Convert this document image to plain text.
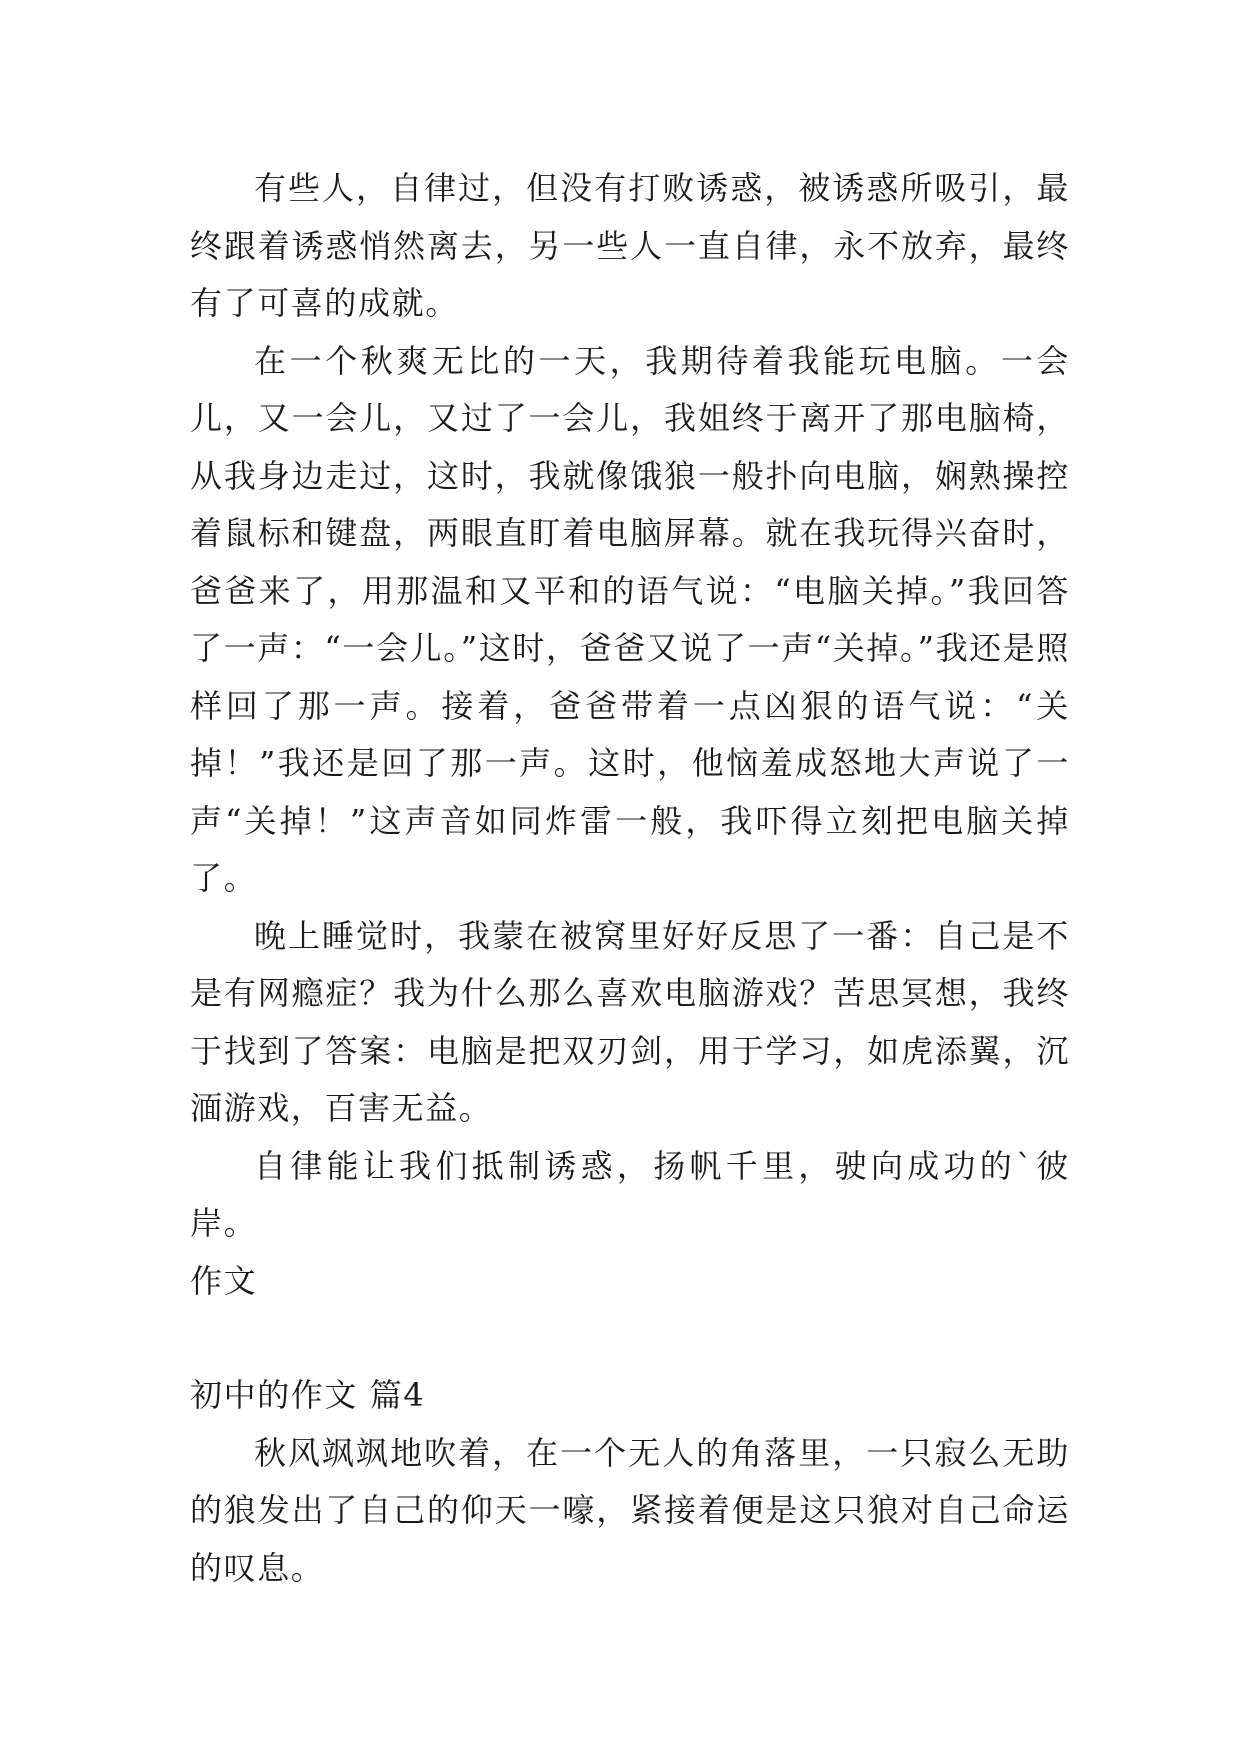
有些人，自律过，但没有打败诱惑，被诱惑所吸引，最终跟着诱惑悄然离去，另一些人一直自律，永不放弃，最终有了可喜的成就。

在一个秋爽无比的一天，我期待着我能玩电脑。一会儿，又一会儿，又过了一会儿，我姐终于离开了那电脑椅，从我身边走过，这时，我就像饿狼一般扑向电脑，娴熟操控着鼠标和键盘，两眼直盯着电脑屏幕。就在我玩得兴奋时，爸爸来了，用那温和又平和的语气说：“电脑关掉。”我回答了一声：“一会儿。”这时，爸爸又说了一声“关掉。”我还是照样回了那一声。接着，爸爸带着一点凶狠的语气说：“关掉！”我还是回了那一声。这时，他恼羞成怒地大声说了一声“关掉！”这声音如同炸雷一般，我吓得立刻把电脑关掉了。

晚上睡觉时，我蒙在被窝里好好反思了一番：自己是不是有网瘾症？我为什么那么喜欢电脑游戏？苦思冥想，我终于找到了答案：电脑是把双刃剑，用于学习，如虎添翼，沉湎游戏，百害无益。

自律能让我们抵制诱惑，扬帆千里，驶向成功的`彼岸。

作文

初中的作文 篇4

秋风飒飒地吹着，在一个无人的角落里，一只寂么无助的狼发出了自己的仰天一嚎，紧接着便是这只狼对自己命运的叹息。
